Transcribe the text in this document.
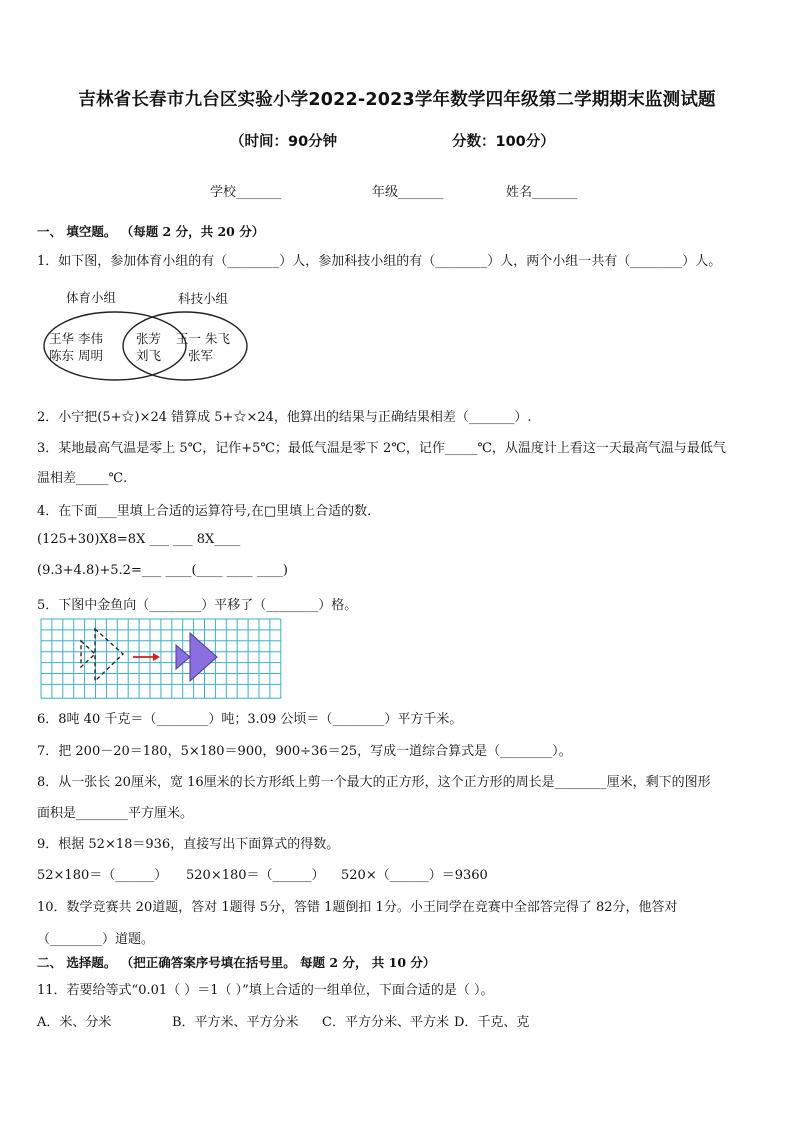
吉林省长春市九台区实验小学2022-2023学年数学四年级第二学期期末监测试题
（时间：90分钟	分数：100分）
学校_______	年级_______	姓名_______
一、 填空题。 （每题 2 分，共 20 分）
1．如下图，参加体育小组的有（________）人，参加科技小组的有（________）人，两个小组一共有（________）人。
体育小组	科技小组
王华 李伟
陈东 周明
张芳
刘飞
王一 朱飞
张军
2．小宁把(5+☆)×24 错算成 5+☆×24，他算出的结果与正确结果相差（_______）.
3．某地最高气温是零上 5℃，记作+5℃；最低气温是零下 2℃，记作_____℃，从温度计上看这一天最高气温与最低气
温相差_____℃.
4．在下面___里填上合适的运算符号,在□里填上合适的数．
(125+30)X8=8X ___ ___ 8X____
(9.3+4.8)+5.2=___ ____(____ ____ ____)
5．下图中金鱼向（________）平移了（________）格。
6．8吨 40 千克＝（________）吨；3.09 公顷＝（________）平方千米。
7．把 200－20＝180，5×180＝900，900÷36＝25，写成一道综合算式是（________）。
8．从一张长 20厘米，宽 16厘米的长方形纸上剪一个最大的正方形，这个正方形的周长是________厘米，剩下的图形
面积是________平方厘米。
9．根据 52×18＝936，直接写出下面算式的得数。
52×180＝（______） 520×180＝（______） 520×（______）＝9360
10．数学竞赛共 20道题，答对 1题得 5分，答错 1题倒扣 1分。小王同学在竞赛中全部答完得了 82分，他答对
（________）道题。
二、 选择题。 （把正确答案序号填在括号里。 每题 2 分， 共 10 分）
11．若要给等式“0.01（ ）＝1（ ）”填上合适的一组单位，下面合适的是（ ）。
A．米、分米	B．平方米、平方分米 C．平方分米、平方米 D．千克、克
